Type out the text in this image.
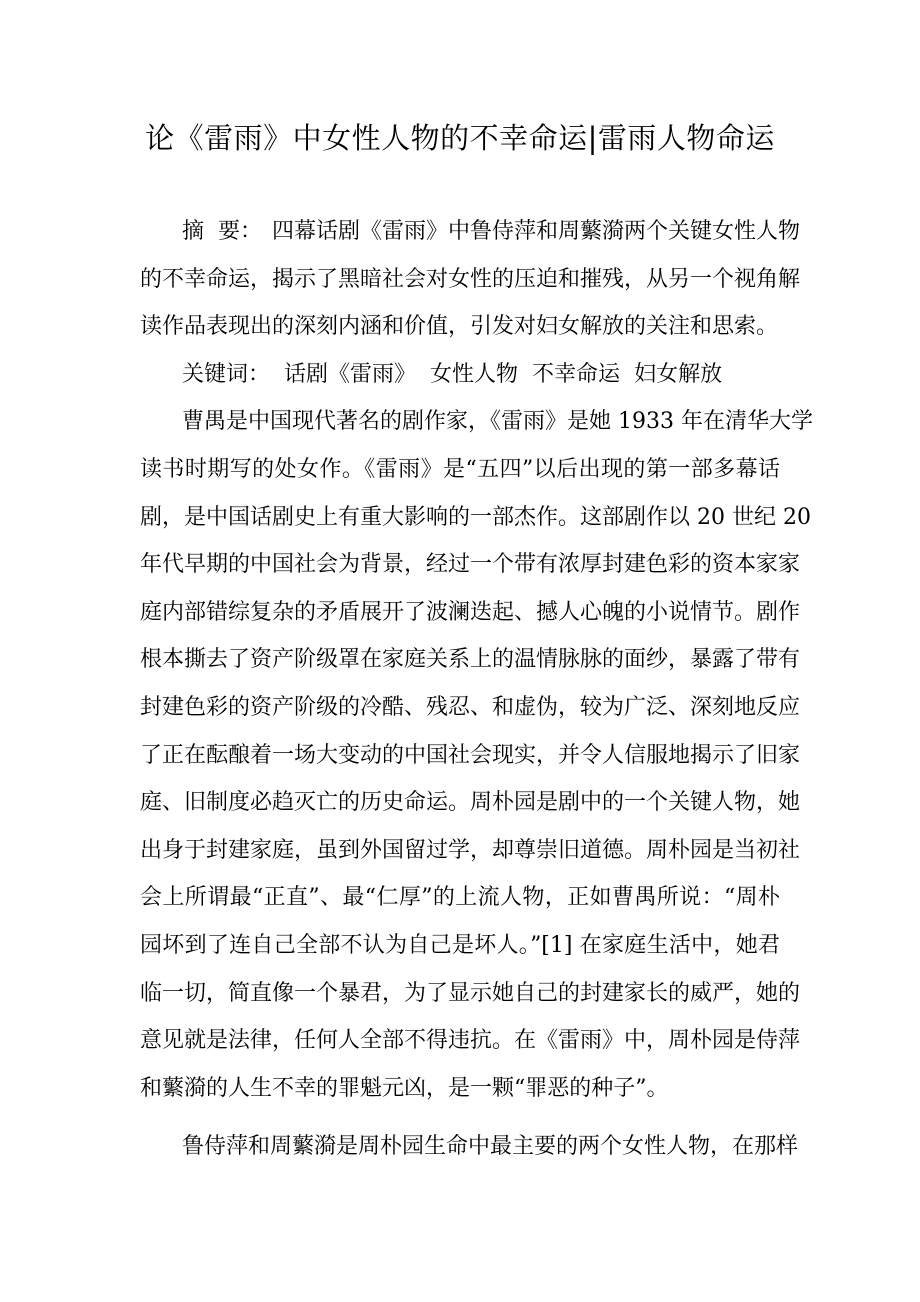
论《雷雨》中女性人物的不幸命运|雷雨人物命运
摘  要： 四幕话剧《雷雨》中鲁侍萍和周蘩漪两个关键女性人物
的不幸命运，揭示了黑暗社会对女性的压迫和摧残，从另一个视角解
读作品表现出的深刻内涵和价值，引发对妇女解放的关注和思索。
关键词： 话剧《雷雨》 女性人物 不幸命运 妇女解放
曹禺是中国现代著名的剧作家，《雷雨》是她 1933 年在清华大学
读书时期写的处女作。《雷雨》是“五四”以后出现的第一部多幕话
剧，是中国话剧史上有重大影响的一部杰作。这部剧作以 20 世纪 20
年代早期的中国社会为背景，经过一个带有浓厚封建色彩的资本家家
庭内部错综复杂的矛盾展开了波澜迭起、撼人心魄的小说情节。剧作
根本撕去了资产阶级罩在家庭关系上的温情脉脉的面纱，暴露了带有
封建色彩的资产阶级的冷酷、残忍、和虚伪，较为广泛、深刻地反应
了正在酝酿着一场大变动的中国社会现实，并令人信服地揭示了旧家
庭、旧制度必趋灭亡的历史命运。周朴园是剧中的一个关键人物，她
出身于封建家庭，虽到外国留过学，却尊崇旧道德。周朴园是当初社
会上所谓最“正直”、最“仁厚”的上流人物，正如曹禺所说：“周朴
园坏到了连自己全部不认为自己是坏人。”[1] 在家庭生活中，她君
临一切，简直像一个暴君，为了显示她自己的封建家长的威严，她的
意见就是法律，任何人全部不得违抗。在《雷雨》中，周朴园是侍萍
和蘩漪的人生不幸的罪魁元凶，是一颗“罪恶的种子”。
鲁侍萍和周蘩漪是周朴园生命中最主要的两个女性人物，在那样
